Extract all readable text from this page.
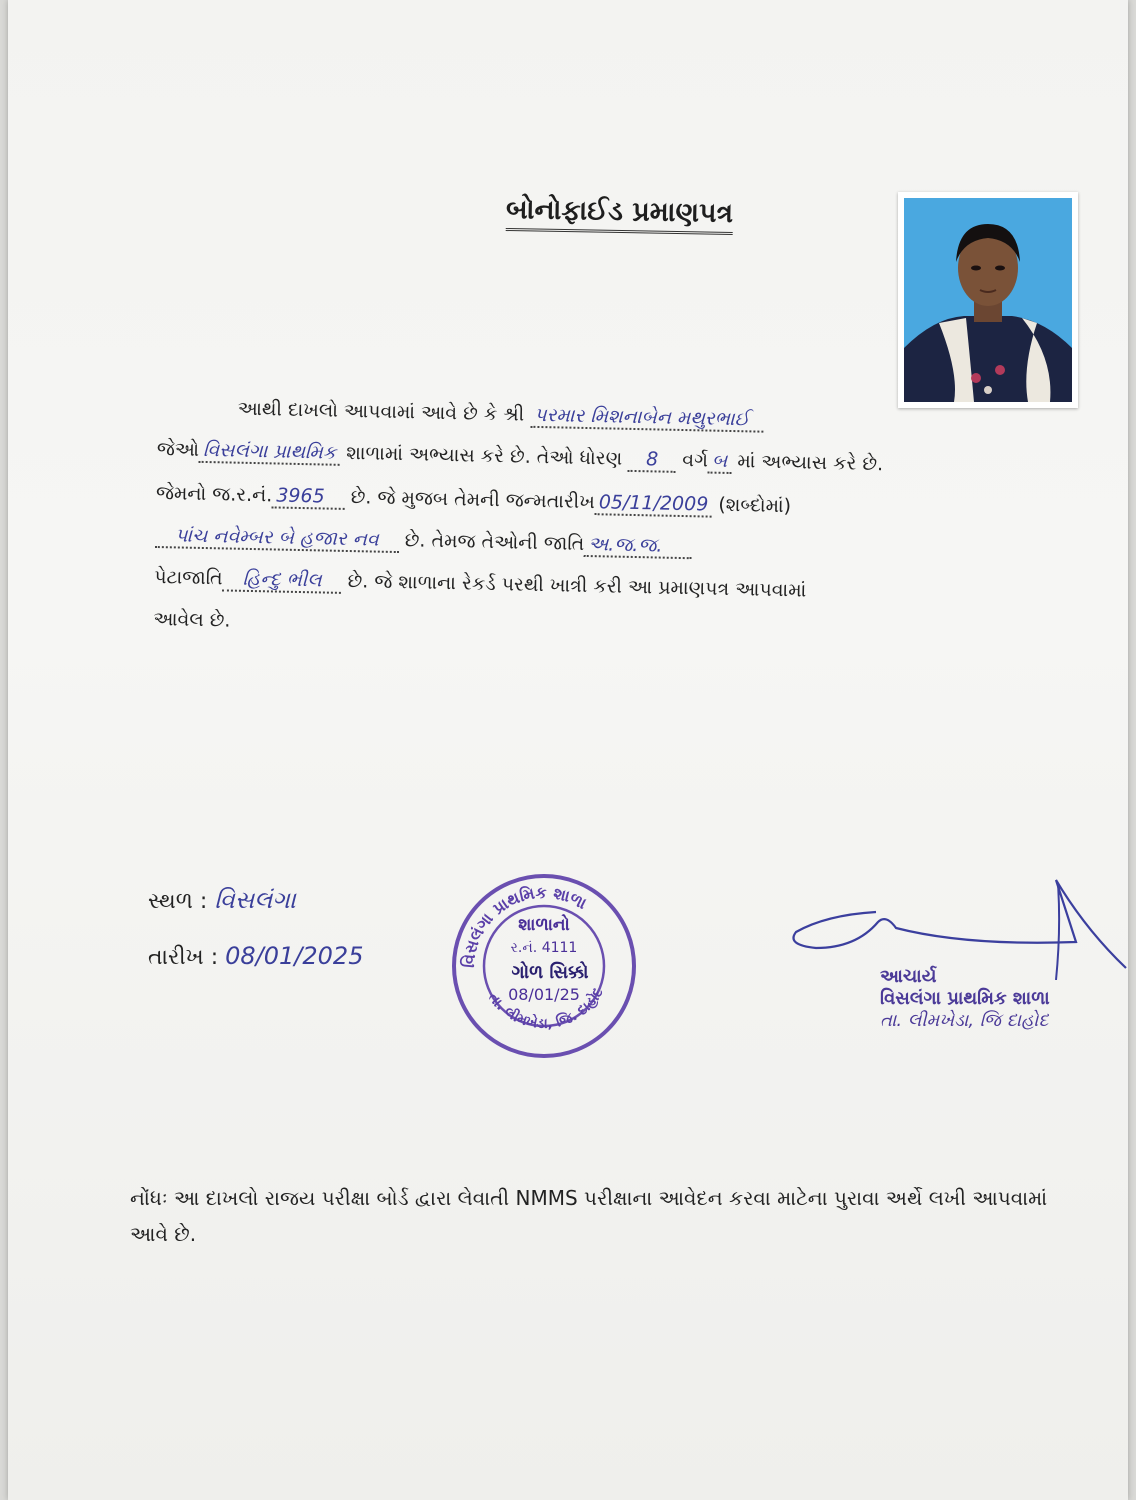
બોનોફાઈડ પ્રમાણપત્ર
આથી દાખલો આપવામાં આવે છે કે શ્રી પરમાર મિશનાબેન મથુરભાઈ
જેઓ વિસલંગા પ્રાથમિક શાળામાં અભ્યાસ કરે છે. તેઓ ધોરણ 8 વર્ગ બ માં અભ્યાસ કરે છે.
જેમનો જ.ર.નં. 3965 છે. જે મુજબ તેમની જન્મતારીખ 05/11/2009 (શબ્દોમાં)
પાંચ નવેમ્બર બે હજાર નવ છે. તેમજ તેઓની જાતિ અ.જ.જ.
પેટાજાતિ હિન્દુ ભીલ છે. જે શાળાના રેકર્ડ પરથી ખાત્રી કરી આ પ્રમાણપત્ર આપવામાં
આવેલ છે.
સ્થળ : વિસલંગા
તારીખ : 08/01/2025	વિસલંગા પ્રાથમિક શાળા
તા. લીમખેડા, જિ. દાહોદ
શાળાનો
ર.નં. 4111
ગોળ સિક્કો
08/01/25
આચાર્ય
વિસલંગા પ્રાથમિક શાળા
તા. લીમખેડા, જિ દાહોદ
નોંધઃ આ દાખલો રાજય પરીક્ષા બોર્ડ દ્વારા લેવાતી NMMS પરીક્ષાના આવેદન કરવા માટેના પુરાવા અર્થે લખી આપવામાં આવે છે.
